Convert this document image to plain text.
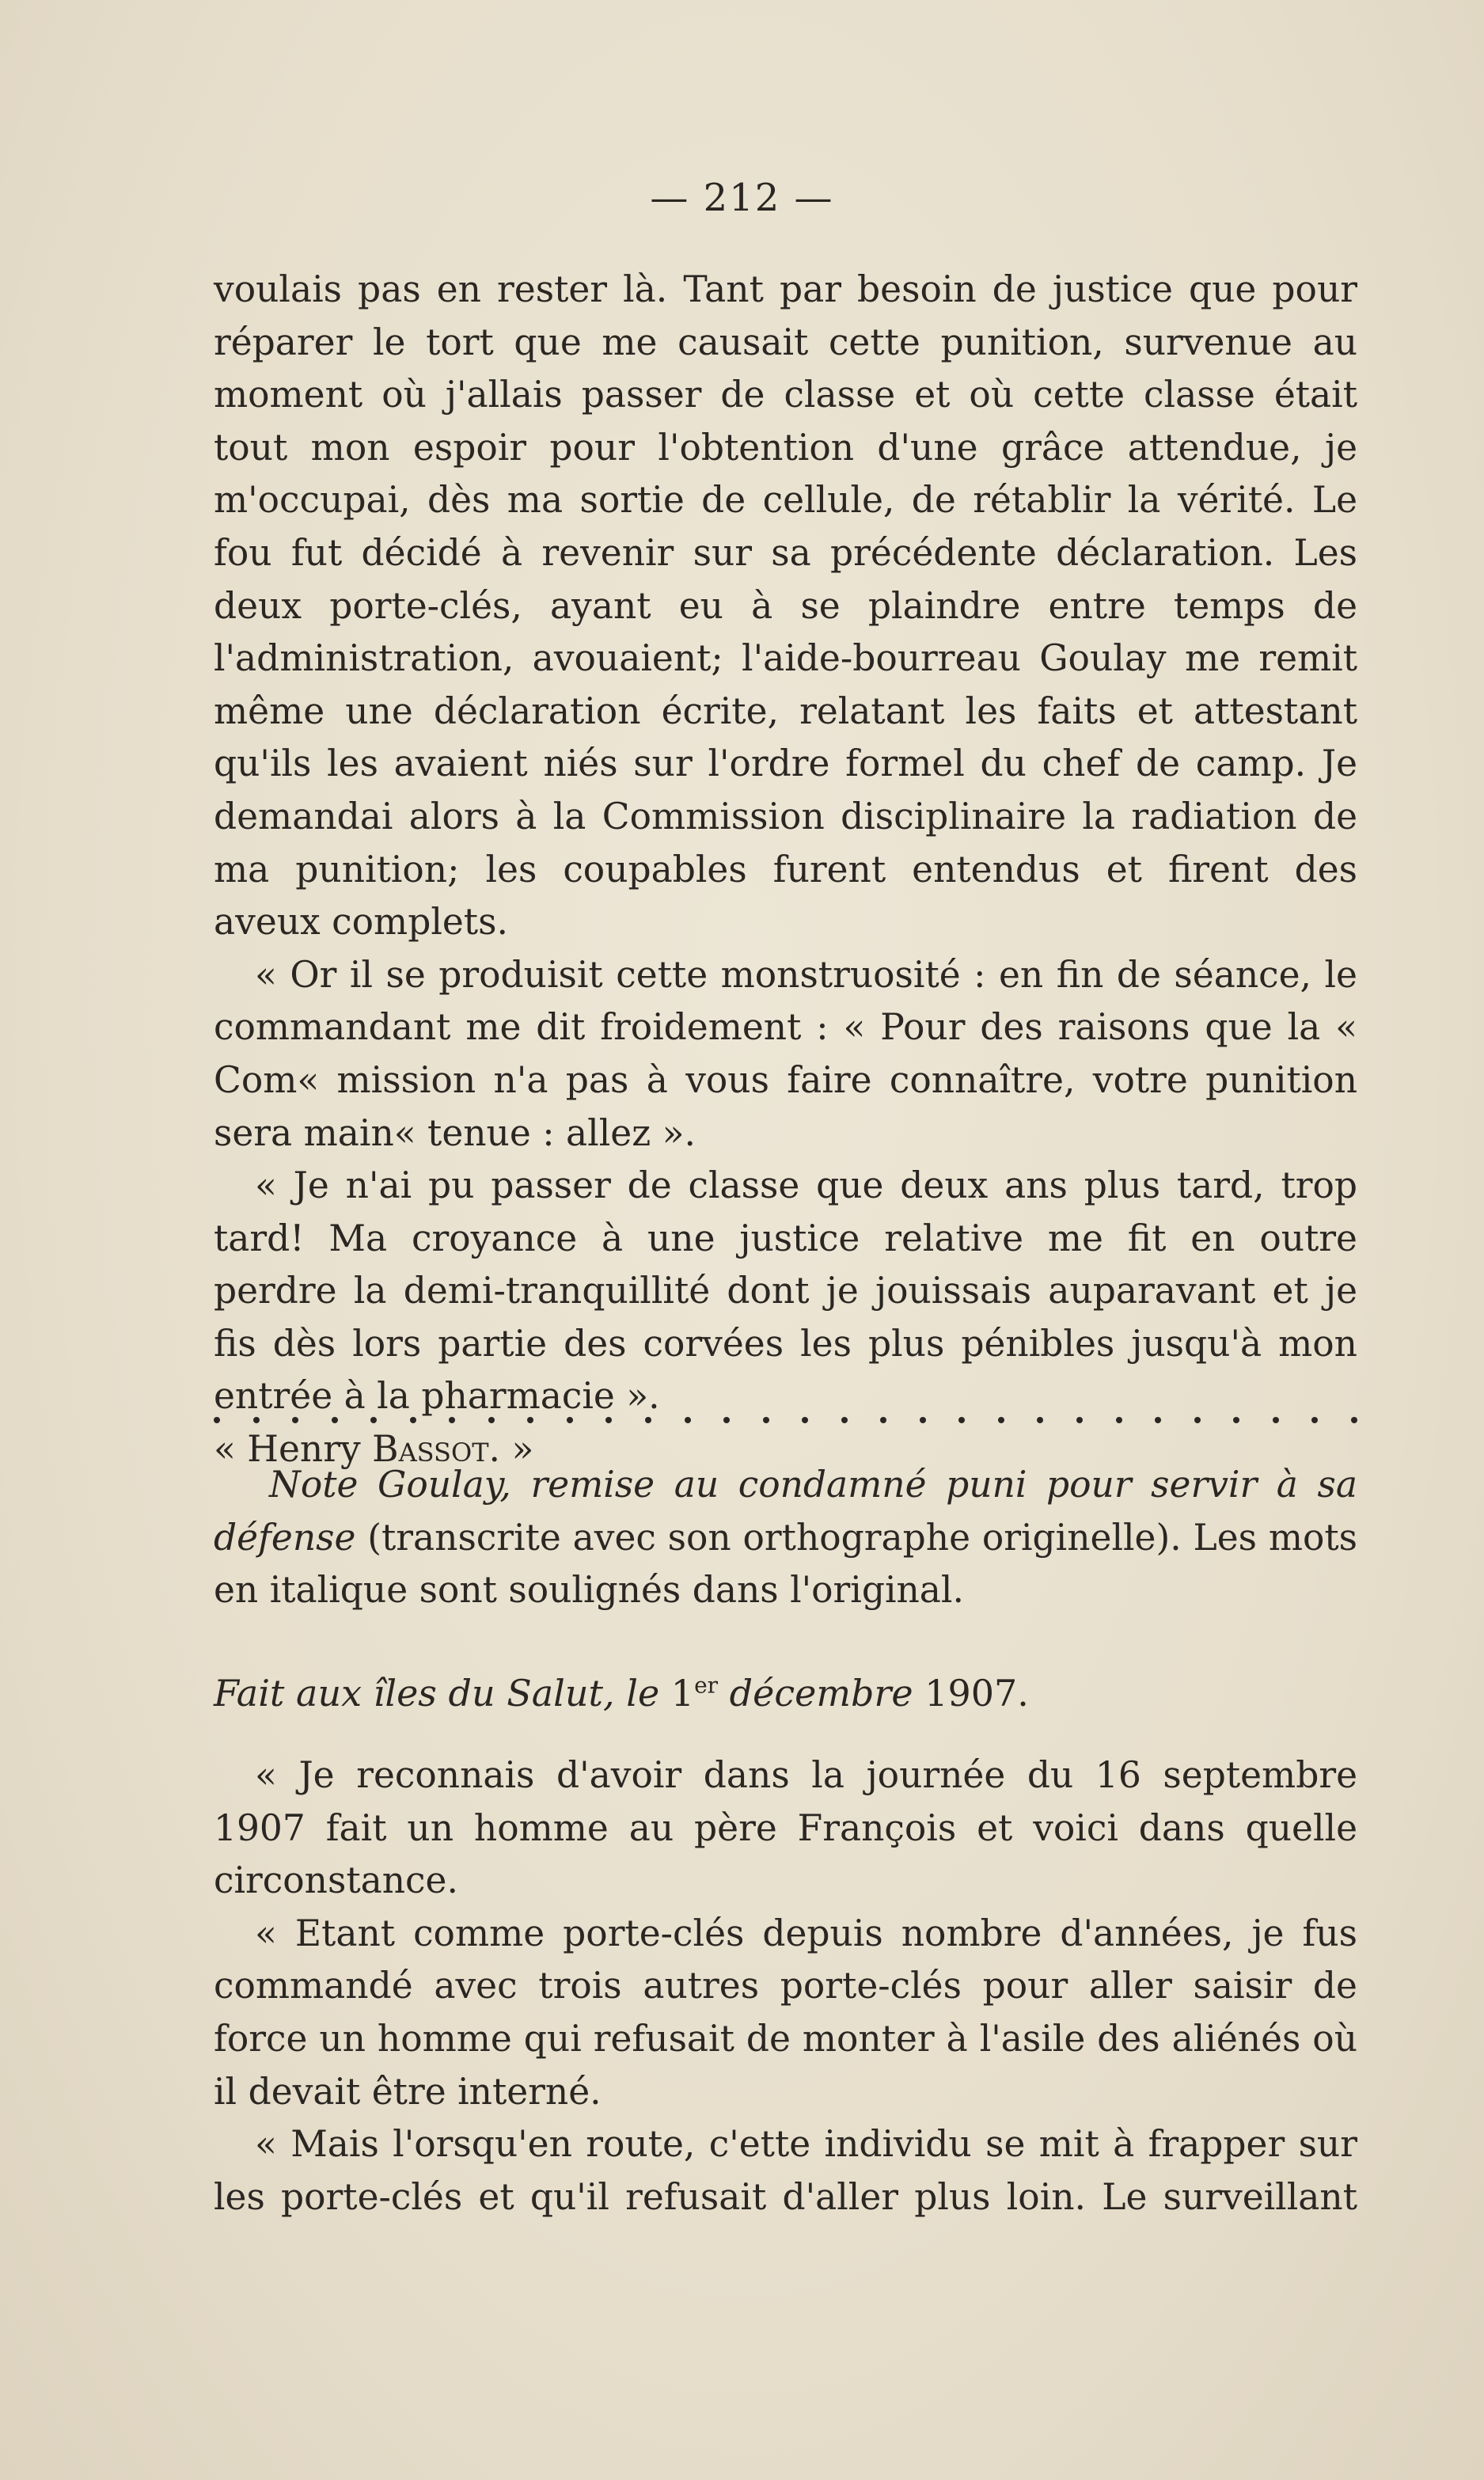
— 212 —

voulais pas en rester là. Tant par besoin de justice que pour réparer le tort que me causait cette punition, survenue au moment où j'allais passer de classe et où cette classe était tout mon espoir pour l'obtention d'une grâce attendue, je m'occupai, dès ma sortie de cellule, de rétablir la vérité. Le fou fut décidé à revenir sur sa précédente déclaration. Les deux porte-clés, ayant eu à se plaindre entre temps de l'administration, avouaient; l'aide-bourreau Goulay me remit même une déclaration écrite, relatant les faits et attestant qu'ils les avaient niés sur l'ordre formel du chef de camp. Je demandai alors à la Commission disciplinaire la radiation de ma punition; les coupables furent entendus et firent des aveux complets.

« Or il se produisit cette monstruosité : en fin de séance, le commandant me dit froidement : « Pour des raisons que la « Com« mission n'a pas à vous faire connaître, votre punition sera main« tenue : allez ».

« Je n'ai pu passer de classe que deux ans plus tard, trop tard! Ma croyance à une justice relative me fit en outre perdre la demi-tranquillité dont je jouissais auparavant et je fis dès lors partie des corvées les plus pénibles jusqu'à mon entrée à la pharmacie ».

« Henry Bassot. »

Note Goulay, remise au condamné puni pour servir à sa défense (transcrite avec son orthographe originelle). Les mots en italique sont soulignés dans l'original.

Fait aux îles du Salut, le 1er décembre 1907.

« Je reconnais d'avoir dans la journée du 16 septembre 1907 fait un homme au père François et voici dans quelle circonstance.

« Etant comme porte-clés depuis nombre d'années, je fus commandé avec trois autres porte-clés pour aller saisir de force un homme qui refusait de monter à l'asile des aliénés où il devait être interné.

« Mais l'orsqu'en route, c'ette individu se mit à frapper sur les porte-clés et qu'il refusait d'aller plus loin. Le surveillant
